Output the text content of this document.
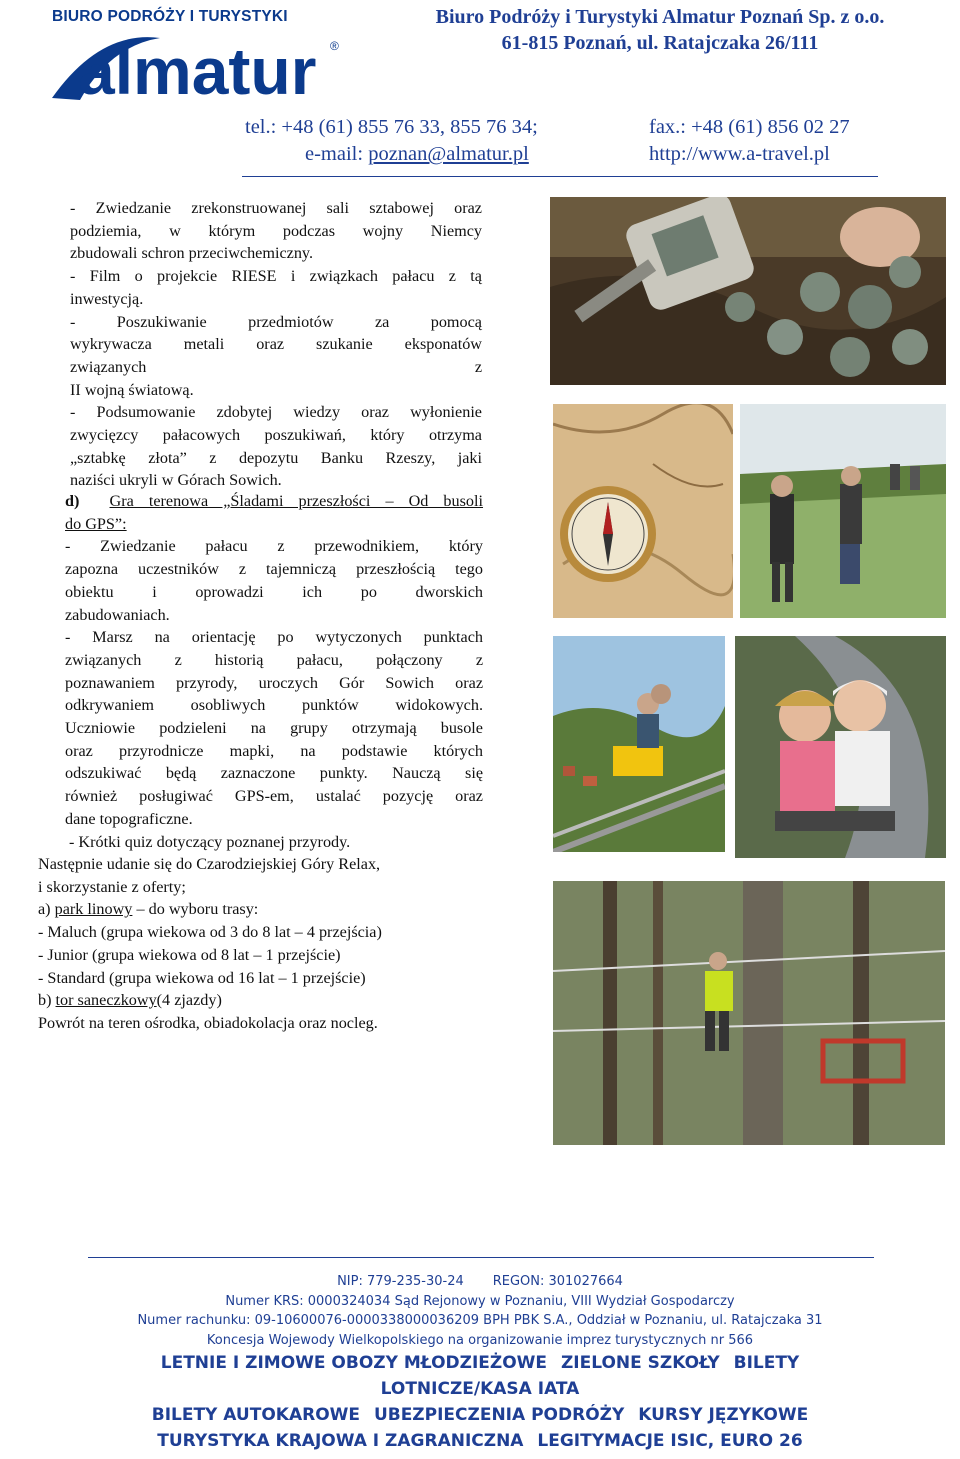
BIURO PODRÓŻY I TURYSTYKI
almatur ®
Biuro Podróży i Turystyki Almatur Poznań Sp. z o.o.
61-815 Poznań, ul. Ratajczaka 26/111
tel.: +48 (61) 855 76 33, 855 76 34;	fax.: +48 (61) 856 02 27
e-mail: poznan@almatur.pl	http://www.a-travel.pl

- Zwiedzanie zrekonstruowanej sali sztabowej oraz

podziemia, w którym podczas wojny Niemcy

zbudowali schron przeciwchemiczny.

- Film o projekcie RIESE i związkach pałacu z tą

inwestycją.

- Poszukiwanie przedmiotów za pomocą

wykrywacza metali oraz szukanie eksponatów

związanych	z

II wojną światową.

- Podsumowanie zdobytej wiedzy oraz wyłonienie

zwycięzcy pałacowych poszukiwań, który otrzyma

„sztabkę złota” z depozytu Banku Rzeszy, jaki

naziści ukryli w Górach Sowich.

d) Gra terenowa „Śladami przeszłości – Od busoli

do GPS”:

- Zwiedzanie pałacu z przewodnikiem, który

zapozna uczestników z tajemniczą przeszłością tego

obiektu i oprowadzi ich po dworskich

zabudowaniach.

- Marsz na orientację po wytyczonych punktach

związanych z historią pałacu, połączony z

poznawaniem przyrody, uroczych Gór Sowich oraz

odkrywaniem osobliwych punktów widokowych.

Uczniowie podzieleni na grupy otrzymają busole

oraz przyrodnicze mapki, na podstawie których

odszukiwać będą zaznaczone punkty. Nauczą się

również posługiwać GPS-em, ustalać pozycję oraz

dane topograficzne.

- Krótki quiz dotyczący poznanej przyrody.

Następnie udanie się do Czarodziejskiej Góry Relax,

i skorzystanie z oferty;

a) park linowy – do wyboru trasy:

- Maluch (grupa wiekowa od 3 do 8 lat – 4 przejścia)

- Junior (grupa wiekowa od 8 lat – 1 przejście)

- Standard (grupa wiekowa od 16 lat – 1 przejście)

b) tor saneczkowy(4 zjazdy)

Powrót na teren ośrodka, obiadokolacja oraz nocleg.

NIP: 779-235-30-24 REGON: 301027664
Numer KRS: 0000324034 Sąd Rejonowy w Poznaniu, VIII Wydział Gospodarczy
Numer rachunku: 09-10600076-0000338000036209 BPH PBK S.A., Oddział w Poznaniu, ul. Ratajczaka 31
Koncesja Wojewody Wielkopolskiego na organizowanie imprez turystycznych nr 566
LETNIE I ZIMOWE OBOZY MŁODZIEŻOWE ZIELONE SZKOŁY BILETY
LOTNICZE/KASA IATA
BILETY AUTOKAROWE UBEZPIECZENIA PODRÓŻY KURSY JĘZYKOWE
TURYSTYKA KRAJOWA I ZAGRANICZNA LEGITYMACJE ISIC, EURO 26
